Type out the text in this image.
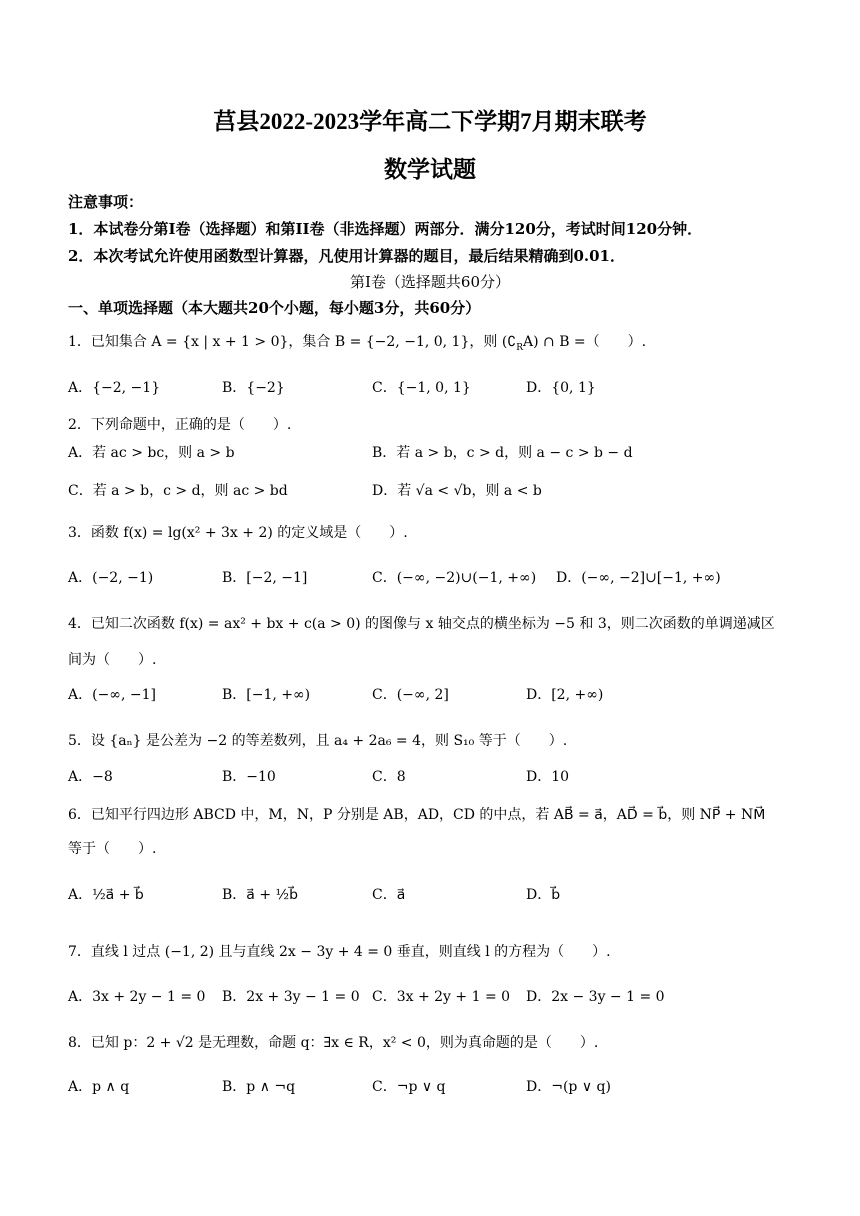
莒县2022-2023学年高二下学期7月期末联考
数学试题
注意事项：
1．本试卷分第I卷（选择题）和第II卷（非选择题）两部分．满分120分，考试时间120分钟．
2．本次考试允许使用函数型计算器，凡使用计算器的题目，最后结果精确到0.01．
第I卷（选择题共60分）
一、单项选择题（本大题共20个小题，每小题3分，共60分）
1．已知集合 A = {x | x + 1 > 0}，集合 B = {−2, −1, 0, 1}，则 $(∁_RA)$ ∩ B =（　　）.
A．{−2, −1}	B．{−2}	C．{−1, 0, 1}	D．{0, 1}
2．下列命题中，正确的是（　　）.
A．若 ac > bc，则 a > b	B．若 a > b，c > d，则 a − c > b − d
C．若 a > b，c > d，则 ac > bd	D．若 √a < √b，则 a < b
3．函数 f(x) = lg(x² + 3x + 2) 的定义域是（　　）.
A．(−2, −1)	B．[−2, −1]	C．(−∞, −2)∪(−1, +∞) D．(−∞, −2]∪[−1, +∞)
4．已知二次函数 f(x) = ax² + bx + c(a > 0) 的图像与 x 轴交点的横坐标为 −5 和 3，则二次函数的单调递减区
间为（　　）.
A．(−∞, −1]	B．[−1, +∞)	C．(−∞, 2]	D．[2, +∞)
5．设 {aₙ} 是公差为 −2 的等差数列，且 a₄ + 2a₆ = 4，则 S₁₀ 等于（　　）.
A．−8	B．−10	C．8	D．10
6．已知平行四边形 ABCD 中，M，N，P 分别是 AB，AD，CD 的中点，若 AB⃗ = a⃗，AD⃗ = b⃗，则 NP⃗ + NM⃗
等于（　　）.
A．½a⃗ + b⃗	B．a⃗ + ½b⃗	C．a⃗	D．b⃗
7．直线 l 过点 (−1, 2) 且与直线 2x − 3y + 4 = 0 垂直，则直线 l 的方程为（　　）.
A．3x + 2y − 1 = 0 B．2x + 3y − 1 = 0 C．3x + 2y + 1 = 0 D．2x − 3y − 1 = 0
8．已知 p：2 + √2 是无理数，命题 q：∃x ∈ R，x² < 0，则为真命题的是（　　）.
A．p ∧ q	B．p ∧ ¬q	C．¬p ∨ q	D．¬(p ∨ q)
